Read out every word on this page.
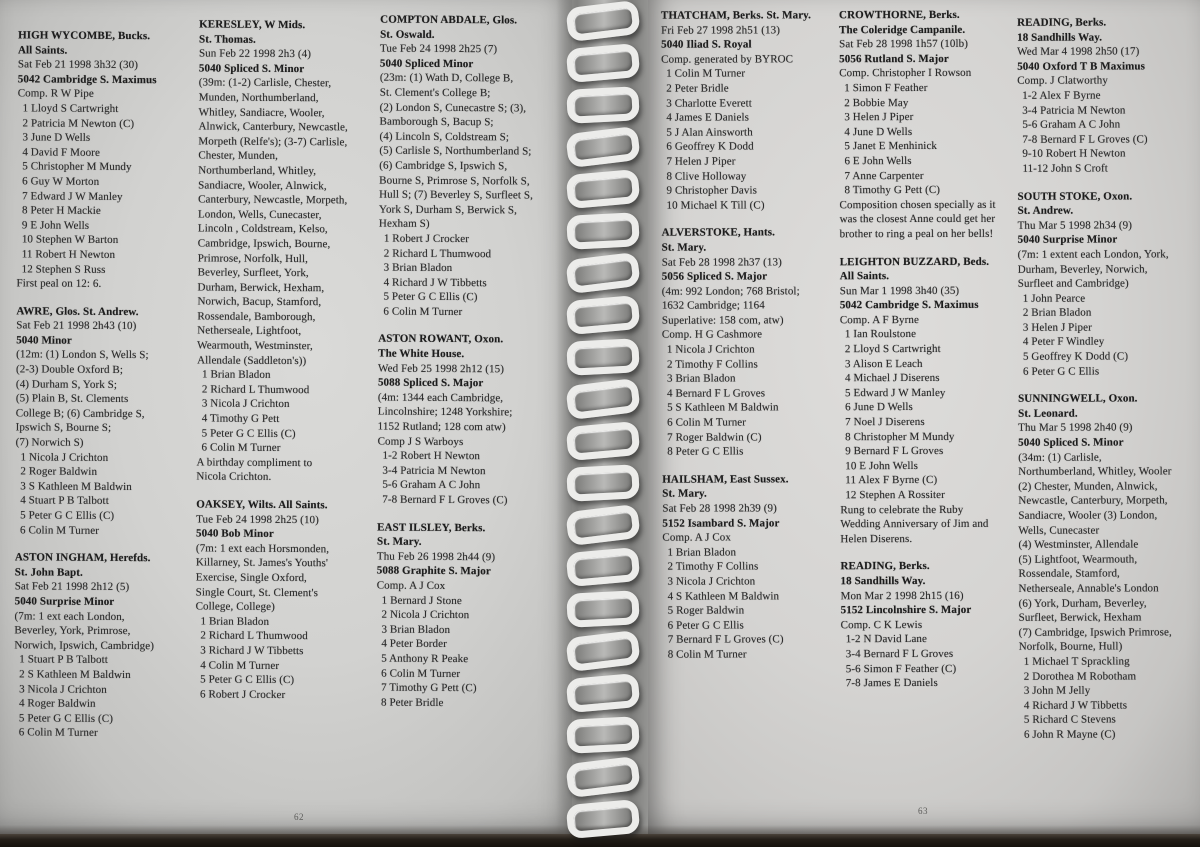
HIGH WYCOMBE, Bucks.
All Saints.
Sat Feb 21 1998 3h32 (30)
5042 Cambridge S. Maximus
Comp. R W Pipe
1 Lloyd S Cartwright
2 Patricia M Newton (C)
3 June D Wells
4 David F Moore
5 Christopher M Mundy
6 Guy W Morton
7 Edward J W Manley
8 Peter H Mackie
9 E John Wells
10 Stephen W Barton
11 Robert H Newton
12 Stephen S Russ
First peal on 12: 6.
AWRE, Glos. St. Andrew.
Sat Feb 21 1998 2h43 (10)
5040 Minor
(12m: (1) London S, Wells S;
(2-3) Double Oxford B;
(4) Durham S, York S;
(5) Plain B, St. Clements
College B; (6) Cambridge S,
Ipswich S, Bourne S;
(7) Norwich S)
1 Nicola J Crichton
2 Roger Baldwin
3 S Kathleen M Baldwin
4 Stuart P B Talbott
5 Peter G C Ellis (C)
6 Colin M Turner
ASTON INGHAM, Herefds.
St. John Bapt.
Sat Feb 21 1998 2h12 (5)
5040 Surprise Minor
(7m: 1 ext each London,
Beverley, York, Primrose,
Norwich, Ipswich, Cambridge)
1 Stuart P B Talbott
2 S Kathleen M Baldwin
3 Nicola J Crichton
4 Roger Baldwin
5 Peter G C Ellis (C)
6 Colin M Turner
KERESLEY, W Mids.
St. Thomas.
Sun Feb 22 1998 2h3 (4)
5040 Spliced S. Minor
(39m: (1-2) Carlisle, Chester,
Munden, Northumberland,
Whitley, Sandiacre, Wooler,
Alnwick, Canterbury, Newcastle,
Morpeth (Relfe's); (3-7) Carlisle,
Chester, Munden,
Northumberland, Whitley,
Sandiacre, Wooler, Alnwick,
Canterbury, Newcastle, Morpeth,
London, Wells, Cunecaster,
Lincoln , Coldstream, Kelso,
Cambridge, Ipswich, Bourne,
Primrose, Norfolk, Hull,
Beverley, Surfleet, York,
Durham, Berwick, Hexham,
Norwich, Bacup, Stamford,
Rossendale, Bamborough,
Netherseale, Lightfoot,
Wearmouth, Westminster,
Allendale (Saddleton's))
1 Brian Bladon
2 Richard L Thumwood
3 Nicola J Crichton
4 Timothy G Pett
5 Peter G C Ellis (C)
6 Colin M Turner
A birthday compliment to
Nicola Crichton.
OAKSEY, Wilts. All Saints.
Tue Feb 24 1998 2h25 (10)
5040 Bob Minor
(7m: 1 ext each Horsmonden,
Killarney, St. James's Youths'
Exercise, Single Oxford,
Single Court, St. Clement's
College, College)
1 Brian Bladon
2 Richard L Thumwood
3 Richard J W Tibbetts
4 Colin M Turner
5 Peter G C Ellis (C)
6 Robert J Crocker
COMPTON ABDALE, Glos.
St. Oswald.
Tue Feb 24 1998 2h25 (7)
5040 Spliced Minor
(23m: (1) Wath D, College B,
St. Clement's College B;
(2) London S, Cunecastre S; (3),
Bamborough S, Bacup S;
(4) Lincoln S, Coldstream S;
(5) Carlisle S, Northumberland S;
(6) Cambridge S, Ipswich S,
Bourne S, Primrose S, Norfolk S,
Hull S; (7) Beverley S, Surfleet S,
York S, Durham S, Berwick S,
Hexham S)
1 Robert J Crocker
2 Richard L Thumwood
3 Brian Bladon
4 Richard J W Tibbetts
5 Peter G C Ellis (C)
6 Colin M Turner
ASTON ROWANT, Oxon.
The White House.
Wed Feb 25 1998 2h12 (15)
5088 Spliced S. Major
(4m: 1344 each Cambridge,
Lincolnshire; 1248 Yorkshire;
1152 Rutland; 128 com atw)
Comp J S Warboys
1-2 Robert H Newton
3-4 Patricia M Newton
5-6 Graham A C John
7-8 Bernard F L Groves (C)
EAST ILSLEY, Berks.
St. Mary.
Thu Feb 26 1998 2h44 (9)
5088 Graphite S. Major
Comp. A J Cox
1 Bernard J Stone
2 Nicola J Crichton
3 Brian Bladon
4 Peter Border
5 Anthony R Peake
6 Colin M Turner
7 Timothy G Pett (C)
8 Peter Bridle
THATCHAM, Berks. St. Mary.
Fri Feb 27 1998 2h51 (13)
5040 Iliad S. Royal
Comp. generated by BYROC
1 Colin M Turner
2 Peter Bridle
3 Charlotte Everett
4 James E Daniels
5 J Alan Ainsworth
6 Geoffrey K Dodd
7 Helen J Piper
8 Clive Holloway
9 Christopher Davis
10 Michael K Till (C)
ALVERSTOKE, Hants.
St. Mary.
Sat Feb 28 1998 2h37 (13)
5056 Spliced S. Major
(4m: 992 London; 768 Bristol;
1632 Cambridge; 1164
Superlative: 158 com, atw)
Comp. H G Cashmore
1 Nicola J Crichton
2 Timothy F Collins
3 Brian Bladon
4 Bernard F L Groves
5 S Kathleen M Baldwin
6 Colin M Turner
7 Roger Baldwin (C)
8 Peter G C Ellis
HAILSHAM, East Sussex.
St. Mary.
Sat Feb 28 1998 2h39 (9)
5152 Isambard S. Major
Comp. A J Cox
1 Brian Bladon
2 Timothy F Collins
3 Nicola J Crichton
4 S Kathleen M Baldwin
5 Roger Baldwin
6 Peter G C Ellis
7 Bernard F L Groves (C)
8 Colin M Turner
CROWTHORNE, Berks.
The Coleridge Campanile.
Sat Feb 28 1998 1h57 (10lb)
5056 Rutland S. Major
Comp. Christopher I Rowson
1 Simon F Feather
2 Bobbie May
3 Helen J Piper
4 June D Wells
5 Janet E Menhinick
6 E John Wells
7 Anne Carpenter
8 Timothy G Pett (C)
Composition chosen specially as it
was the closest Anne could get her
brother to ring a peal on her bells!
LEIGHTON BUZZARD, Beds.
All Saints.
Sun Mar 1 1998 3h40 (35)
5042 Cambridge S. Maximus
Comp. A F Byrne
1 Ian Roulstone
2 Lloyd S Cartwright
3 Alison E Leach
4 Michael J Diserens
5 Edward J W Manley
6 June D Wells
7 Noel J Diserens
8 Christopher M Mundy
9 Bernard F L Groves
10 E John Wells
11 Alex F Byrne (C)
12 Stephen A Rossiter
Rung to celebrate the Ruby
Wedding Anniversary of Jim and
Helen Diserens.
READING, Berks.
18 Sandhills Way.
Mon Mar 2 1998 2h15 (16)
5152 Lincolnshire S. Major
Comp. C K Lewis
1-2 N David Lane
3-4 Bernard F L Groves
5-6 Simon F Feather (C)
7-8 James E Daniels
READING, Berks.
18 Sandhills Way.
Wed Mar 4 1998 2h50 (17)
5040 Oxford T B Maximus
Comp. J Clatworthy
1-2 Alex F Byrne
3-4 Patricia M Newton
5-6 Graham A C John
7-8 Bernard F L Groves (C)
9-10 Robert H Newton
11-12 John S Croft
SOUTH STOKE, Oxon.
St. Andrew.
Thu Mar 5 1998 2h34 (9)
5040 Surprise Minor
(7m: 1 extent each London, York,
Durham, Beverley, Norwich,
Surfleet and Cambridge)
1 John Pearce
2 Brian Bladon
3 Helen J Piper
4 Peter F Windley
5 Geoffrey K Dodd (C)
6 Peter G C Ellis
SUNNINGWELL, Oxon.
St. Leonard.
Thu Mar 5 1998 2h40 (9)
5040 Spliced S. Minor
(34m: (1) Carlisle,
Northumberland, Whitley, Wooler
(2) Chester, Munden, Alnwick,
Newcastle, Canterbury, Morpeth,
Sandiacre, Wooler (3) London,
Wells, Cunecaster
(4) Westminster, Allendale
(5) Lightfoot, Wearmouth,
Rossendale, Stamford,
Netherseale, Annable's London
(6) York, Durham, Beverley,
Surfleet, Berwick, Hexham
(7) Cambridge, Ipswich Primrose,
Norfolk, Bourne, Hull)
1 Michael T Sprackling
2 Dorothea M Robotham
3 John M Jelly
4 Richard J W Tibbetts
5 Richard C Stevens
6 John R Mayne (C)
62
63
